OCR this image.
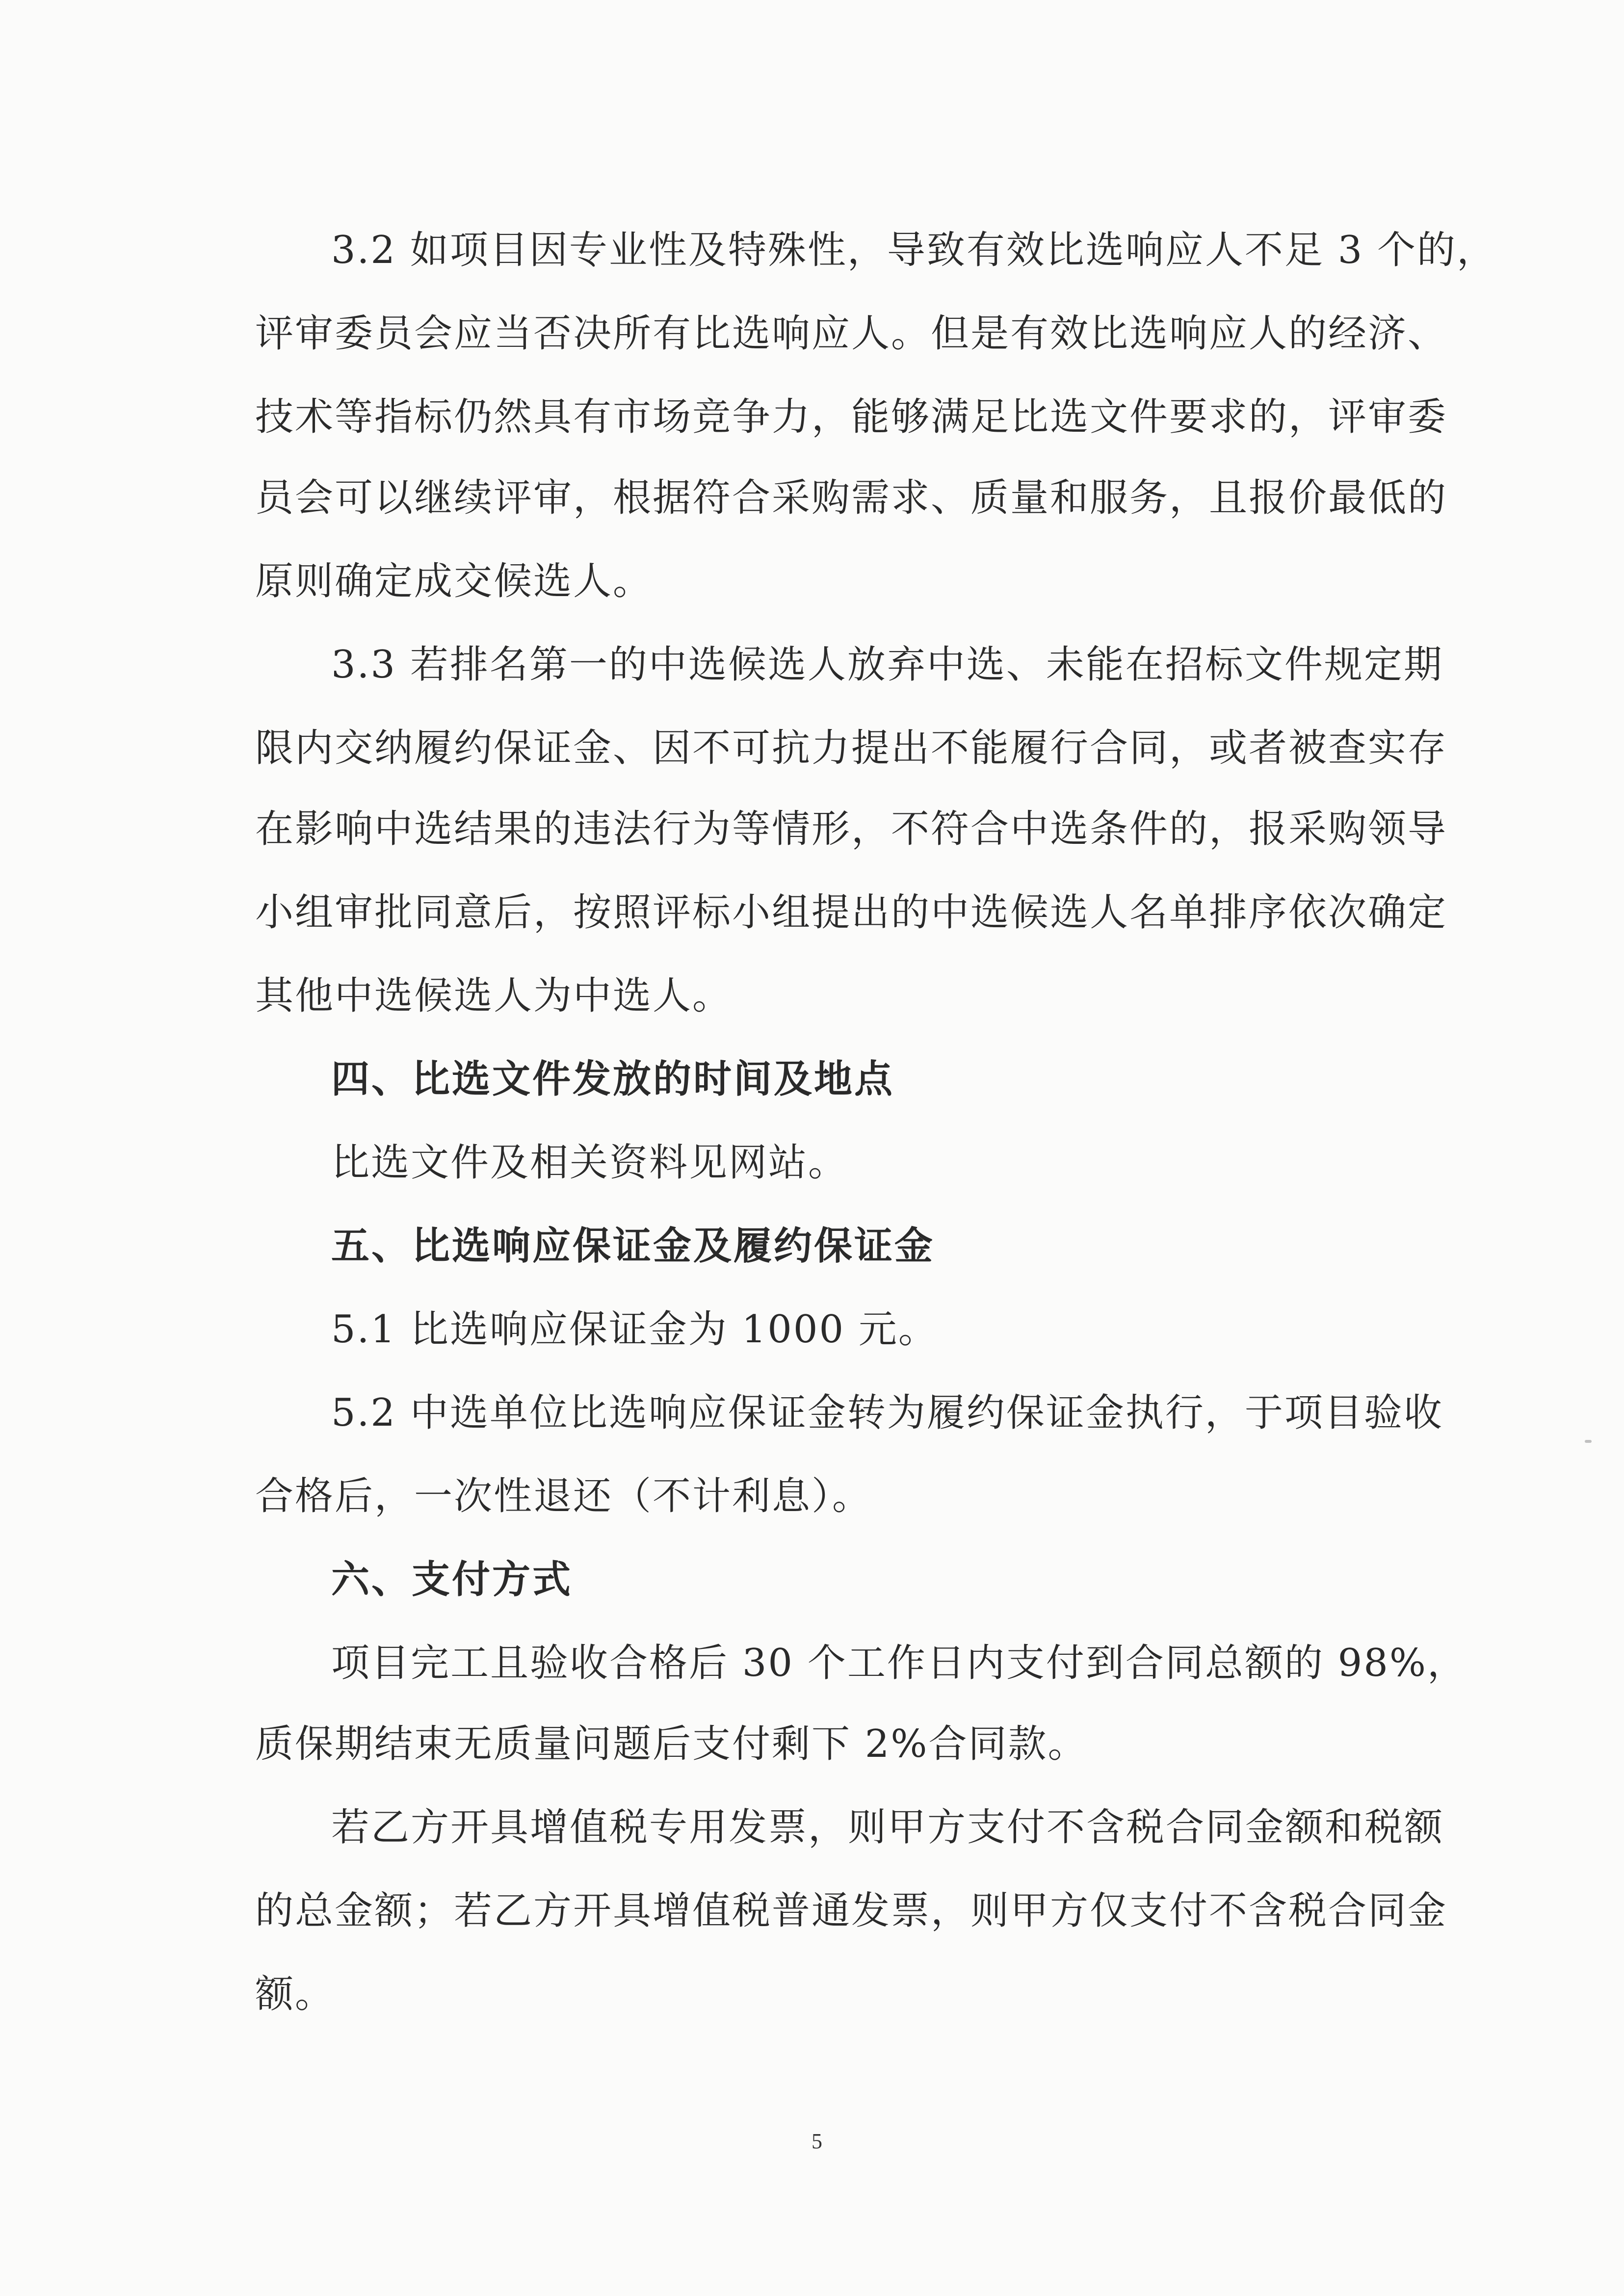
3.2 如项目因专业性及特殊性，导致有效比选响应人不足 3 个的，
评审委员会应当否决所有比选响应人。但是有效比选响应人的经济、
技术等指标仍然具有市场竞争力，能够满足比选文件要求的，评审委
员会可以继续评审，根据符合采购需求、质量和服务，且报价最低的
原则确定成交候选人。
3.3 若排名第一的中选候选人放弃中选、未能在招标文件规定期
限内交纳履约保证金、因不可抗力提出不能履行合同，或者被查实存
在影响中选结果的违法行为等情形，不符合中选条件的，报采购领导
小组审批同意后，按照评标小组提出的中选候选人名单排序依次确定
其他中选候选人为中选人。
四、比选文件发放的时间及地点
比选文件及相关资料见网站。
五、比选响应保证金及履约保证金
5.1 比选响应保证金为 1000 元。
5.2 中选单位比选响应保证金转为履约保证金执行，于项目验收
合格后，一次性退还（不计利息）。
六、支付方式
项目完工且验收合格后 30 个工作日内支付到合同总额的 98%，
质保期结束无质量问题后支付剩下 2%合同款。
若乙方开具增值税专用发票，则甲方支付不含税合同金额和税额
的总金额；若乙方开具增值税普通发票，则甲方仅支付不含税合同金
额。
5
